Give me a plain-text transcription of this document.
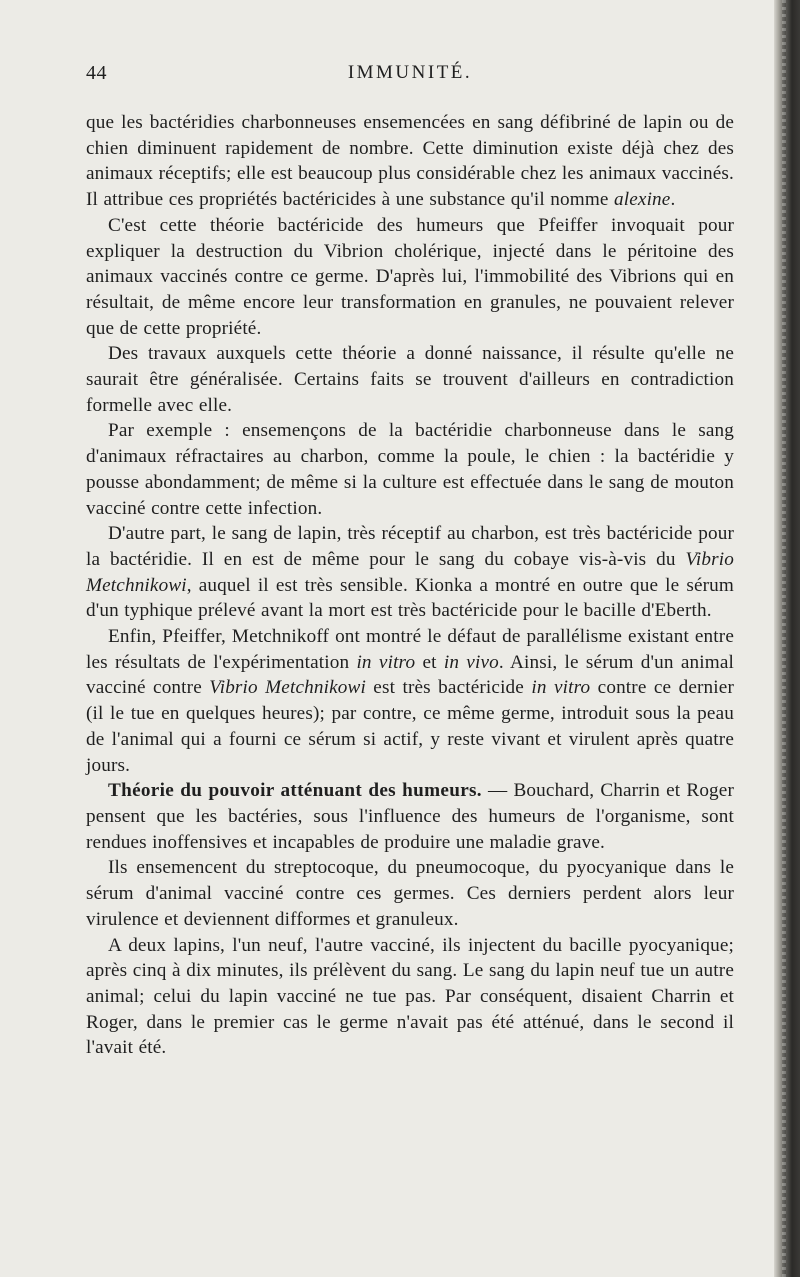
44	IMMUNITÉ.

que les bactéridies charbonneuses ensemencées en sang défibriné de lapin ou de chien diminuent rapidement de nombre. Cette diminution existe déjà chez des animaux réceptifs; elle est beaucoup plus considérable chez les animaux vaccinés. Il attribue ces propriétés bactéricides à une substance qu'il nomme alexine.

C'est cette théorie bactéricide des humeurs que Pfeiffer invoquait pour expliquer la destruction du Vibrion cholérique, injecté dans le péritoine des animaux vaccinés contre ce germe. D'après lui, l'immobilité des Vibrions qui en résultait, de même encore leur transformation en granules, ne pouvaient relever que de cette propriété.

Des travaux auxquels cette théorie a donné naissance, il résulte qu'elle ne saurait être généralisée. Certains faits se trouvent d'ailleurs en contradiction formelle avec elle.

Par exemple : ensemençons de la bactéridie charbonneuse dans le sang d'animaux réfractaires au charbon, comme la poule, le chien : la bactéridie y pousse abondamment; de même si la culture est effectuée dans le sang de mouton vacciné contre cette infection.

D'autre part, le sang de lapin, très réceptif au charbon, est très bactéricide pour la bactéridie. Il en est de même pour le sang du cobaye vis-à-vis du Vibrio Metchnikowi, auquel il est très sensible. Kionka a montré en outre que le sérum d'un typhique prélevé avant la mort est très bactéricide pour le bacille d'Eberth.

Enfin, Pfeiffer, Metchnikoff ont montré le défaut de parallélisme existant entre les résultats de l'expérimentation in vitro et in vivo. Ainsi, le sérum d'un animal vacciné contre Vibrio Metchnikowi est très bactéricide in vitro contre ce dernier (il le tue en quelques heures); par contre, ce même germe, introduit sous la peau de l'animal qui a fourni ce sérum si actif, y reste vivant et virulent après quatre jours.

Théorie du pouvoir atténuant des humeurs. — Bouchard, Charrin et Roger pensent que les bactéries, sous l'influence des humeurs de l'organisme, sont rendues inoffensives et incapables de produire une maladie grave.

Ils ensemencent du streptocoque, du pneumocoque, du pyocyanique dans le sérum d'animal vacciné contre ces germes. Ces derniers perdent alors leur virulence et deviennent difformes et granuleux.

A deux lapins, l'un neuf, l'autre vacciné, ils injectent du bacille pyocyanique; après cinq à dix minutes, ils prélèvent du sang. Le sang du lapin neuf tue un autre animal; celui du lapin vacciné ne tue pas. Par conséquent, disaient Charrin et Roger, dans le premier cas le germe n'avait pas été atténué, dans le second il l'avait été.
